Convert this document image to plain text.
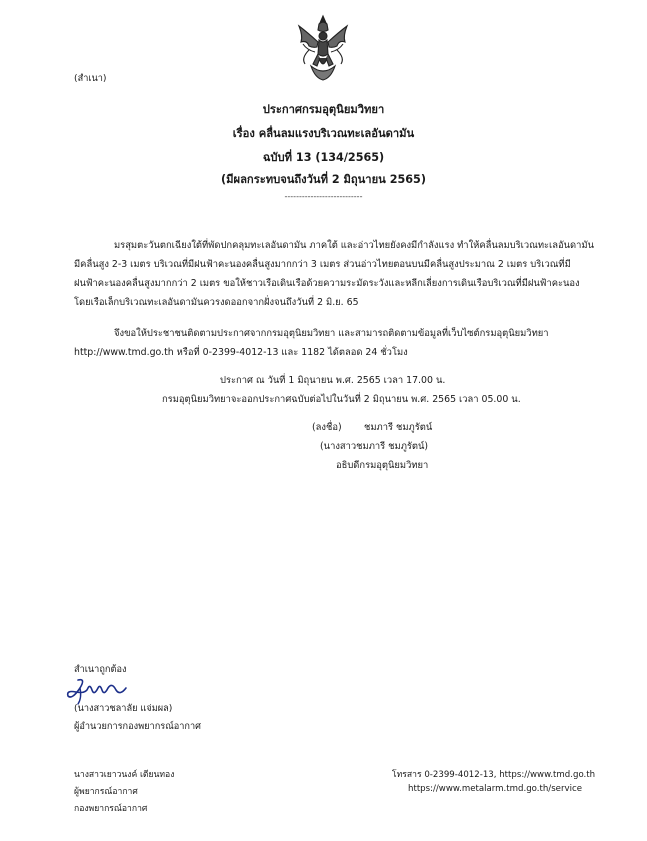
(สำเนา)
ประกาศกรมอุตุนิยมวิทยา
เรื่อง คลื่นลมแรงบริเวณทะเลอันดามัน
ฉบับที่ 13 (134/2565)
(มีผลกระทบจนถึงวันที่ 2 มิถุนายน 2565)
---------------------------
มรสุมตะวันตกเฉียงใต้ที่พัดปกคลุมทะเลอันดามัน ภาคใต้ และอ่าวไทยยังคงมีกำลังแรง ทำให้คลื่นลมบริเวณทะเลอันดามัน
มีคลื่นสูง 2-3 เมตร บริเวณที่มีฝนฟ้าคะนองคลื่นสูงมากกว่า 3 เมตร ส่วนอ่าวไทยตอนบนมีคลื่นสูงประมาณ 2 เมตร บริเวณที่มี
ฝนฟ้าคะนองคลื่นสูงมากกว่า 2 เมตร ขอให้ชาวเรือเดินเรือด้วยความระมัดระวังและหลีกเลี่ยงการเดินเรือบริเวณที่มีฝนฟ้าคะนอง
โดยเรือเล็กบริเวณทะเลอันดามันควรงดออกจากฝั่งจนถึงวันที่ 2 มิ.ย. 65
จึงขอให้ประชาชนติดตามประกาศจากกรมอุตุนิยมวิทยา และสามารถติดตามข้อมูลที่เว็บไซต์กรมอุตุนิยมวิทยา
http://www.tmd.go.th หรือที่ 0-2399-4012-13 และ 1182 ได้ตลอด 24 ชั่วโมง
ประกาศ ณ วันที่ 1 มิถุนายน พ.ศ. 2565 เวลา 17.00 น.
กรมอุตุนิยมวิทยาจะออกประกาศฉบับต่อไปในวันที่ 2 มิถุนายน พ.ศ. 2565 เวลา 05.00 น.
(ลงชื่อ) ชมภารี ชมภูรัตน์
(นางสาวชมภารี ชมภูรัตน์)
อธิบดีกรมอุตุนิยมวิทยา
สำเนาถูกต้อง
(นางสาวชลาลัย แจ่มผล)
ผู้อำนวยการกองพยากรณ์อากาศ
นางสาวเยาวนงค์ เตียนทอง
ผู้พยากรณ์อากาศ
กองพยากรณ์อากาศ
โทรสาร 0-2399-4012-13, https://www.tmd.go.th
https://www.metalarm.tmd.go.th/service
